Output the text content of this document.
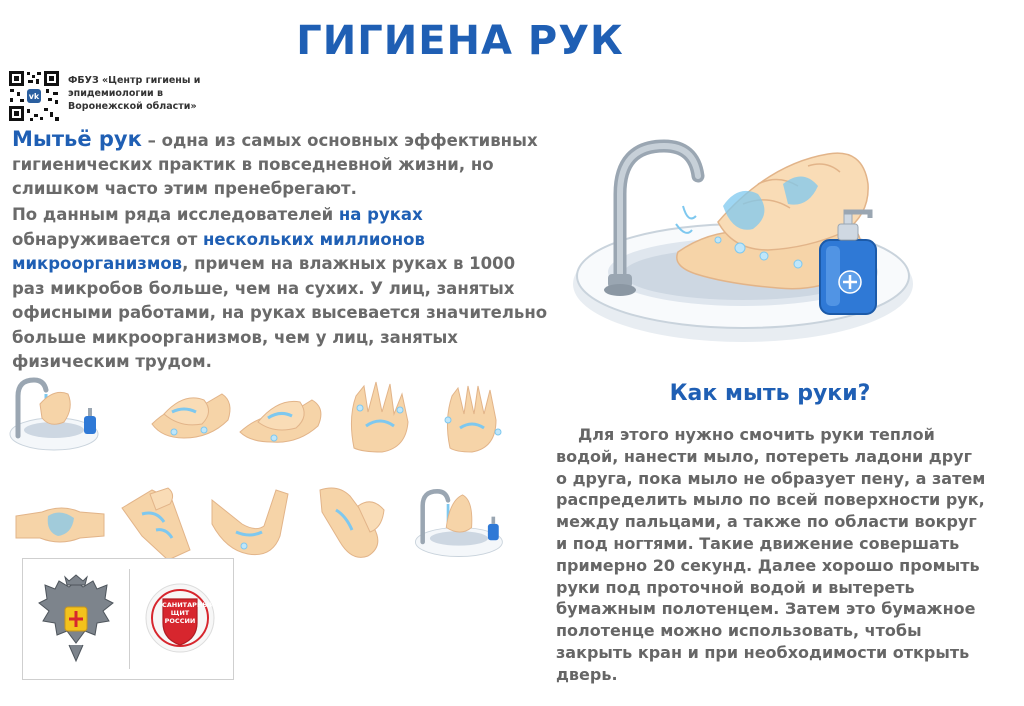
ГИГИЕНА РУК
vk
ФБУЗ «Центр гигиены и эпидемиологии в Воронежской области»
Мытьё рук – одна из самых основных эффективных гигиенических практик в повседневной жизни, но слишком часто этим пренебрегают.
По данным ряда исследователей на руках обнаруживается от нескольких миллионов микроорганизмов, причем на влажных руках в 1000 раз микробов больше, чем на сухих. У лиц, занятых офисными работами, на руках высевается значительно больше микроорганизмов, чем у лиц, занятых физическим трудом.
САНИТАРНЫЙ ЩИТ РОССИИ
Как мыть руки?
Для этого нужно смочить руки теплой водой, нанести мыло, потереть ладони друг о друга, пока мыло не образует пену, а затем распределить мыло по всей поверхности рук, между пальцами, а также по области вокруг и под ногтями. Такие движение совершать примерно 20 секунд. Далее хорошо промыть руки под проточной водой и вытереть бумажным полотенцем. Затем это бумажное полотенце можно использовать, чтобы закрыть кран и при необходимости открыть дверь.
